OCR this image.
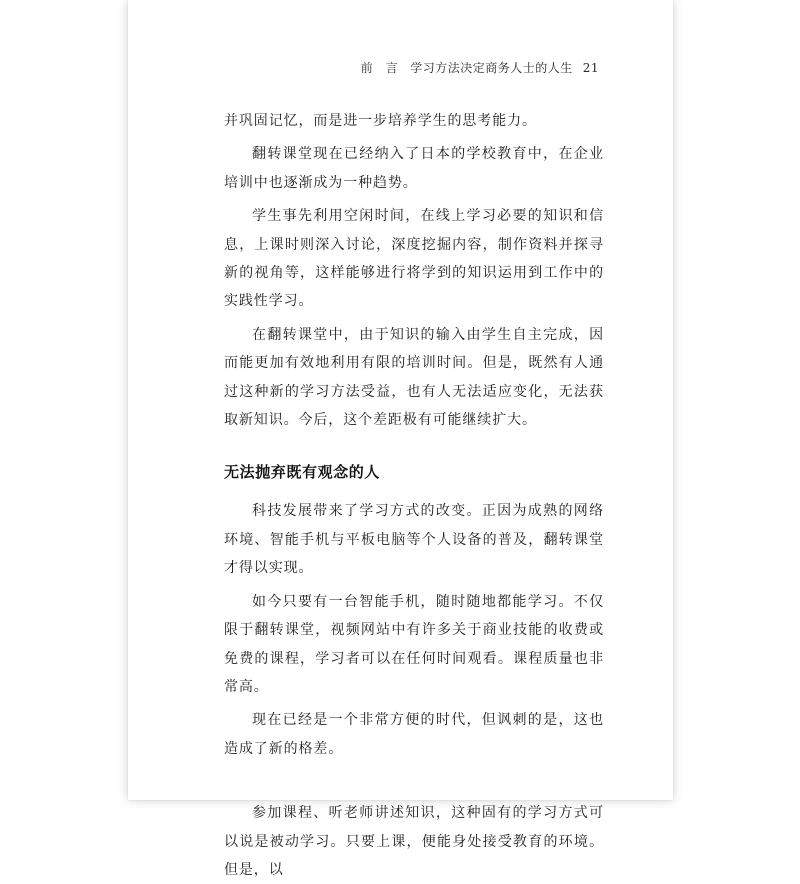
前　言 学习方法决定商务人士的人生 21

并巩固记忆，而是进一步培养学生的思考能力。

翻转课堂现在已经纳入了日本的学校教育中，在企业培训中也逐渐成为一种趋势。

学生事先利用空闲时间，在线上学习必要的知识和信息，上课时则深入讨论，深度挖掘内容，制作资料并探寻新的视角等，这样能够进行将学到的知识运用到工作中的实践性学习。

在翻转课堂中，由于知识的输入由学生自主完成，因而能更加有效地利用有限的培训时间。但是，既然有人通过这种新的学习方法受益，也有人无法适应变化，无法获取新知识。今后，这个差距极有可能继续扩大。

无法抛弃既有观念的人

科技发展带来了学习方式的改变。正因为成熟的网络环境、智能手机与平板电脑等个人设备的普及，翻转课堂才得以实现。

如今只要有一台智能手机，随时随地都能学习。不仅限于翻转课堂，视频网站中有许多关于商业技能的收费或免费的课程，学习者可以在任何时间观看。课程质量也非常高。

现在已经是一个非常方便的时代，但讽刺的是，这也造成了新的格差。

参加课程、听老师讲述知识，这种固有的学习方式可以说是被动学习。只要上课，便能身处接受教育的环境。但是，以
